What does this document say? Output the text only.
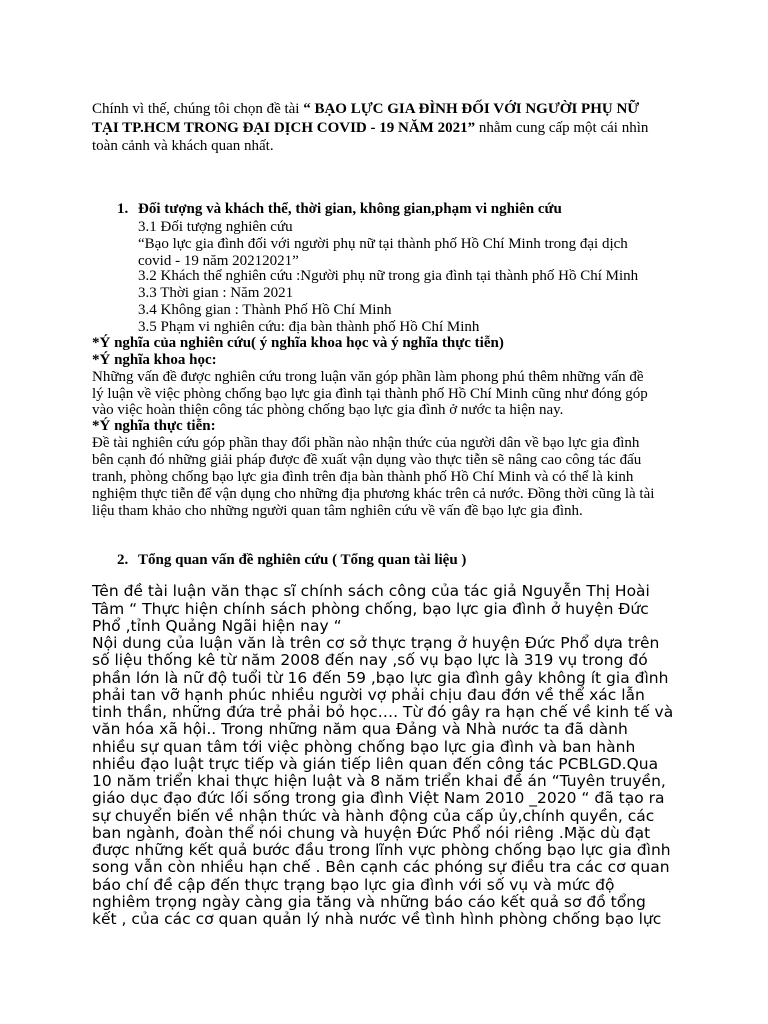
Chính vì thế, chúng tôi chọn đề tài “ BẠO LỰC GIA ĐÌNH ĐỐI VỚI NGƯỜI PHỤ NỮ
TẠI TP.HCM TRONG ĐẠI DỊCH COVID - 19 NĂM 2021” nhằm cung cấp một cái nhìn
toàn cảnh và khách quan nhất.
1. Đối tượng và khách thể, thời gian, không gian,phạm vi nghiên cứu
3.1 Đối tượng nghiên cứu
“Bạo lực gia đình đối với người phụ nữ tại thành phố Hồ Chí Minh trong đại dịch
covid - 19 năm 20212021”
3.2 Khách thể nghiên cứu :Người phụ nữ trong gia đình tại thành phố Hồ Chí Minh
3.3 Thời gian : Năm 2021
3.4 Không gian : Thành Phố Hồ Chí Minh
3.5 Phạm vi nghiên cứu: địa bàn thành phố Hồ Chí Minh
*Ý nghĩa của nghiên cứu( ý nghĩa khoa học và ý nghĩa thực tiễn)
*Ý nghĩa khoa học:
Những vấn đề được nghiên cứu trong luận văn góp phần làm phong phú thêm những vấn đề
lý luận về việc phòng chống bạo lực gia đình tại thành phố Hồ Chí Minh cũng như đóng góp
vào việc hoàn thiện công tác phòng chống bạo lực gia đình ở nước ta hiện nay.
*Ý nghĩa thực tiễn:
Đề tài nghiên cứu góp phần thay đổi phần nào nhận thức của người dân về bạo lực gia đình
bên cạnh đó những giải pháp được đề xuất vận dụng vào thực tiễn sẽ nâng cao công tác đấu
tranh, phòng chống bạo lực gia đình trên địa bàn thành phố Hồ Chí Minh và có thể là kinh
nghiệm thực tiễn để vận dụng cho những địa phương khác trên cả nước. Đồng thời cũng là tài
liệu tham khảo cho những người quan tâm nghiên cứu về vấn đề bạo lực gia đình.
2. Tổng quan vấn đề nghiên cứu ( Tổng quan tài liệu )
Tên đề tài luận văn thạc sĩ chính sách công của tác giả Nguyễn Thị Hoài
Tâm “ Thực hiện chính sách phòng chống, bạo lực gia đình ở huyện Đức
Phổ ,tỉnh Quảng Ngãi hiện nay “
Nội dung của luận văn là trên cơ sở thực trạng ở huyện Đức Phổ dựa trên
số liệu thống kê từ năm 2008 đến nay ,số vụ bạo lực là 319 vụ trong đó
phần lớn là nữ độ tuổi từ 16 đến 59 ,bạo lực gia đình gây không ít gia đình
phải tan vỡ hạnh phúc nhiều người vợ phải chịu đau đớn về thể xác lẫn
tinh thần, những đứa trẻ phải bỏ học…. Từ đó gây ra hạn chế về kinh tế và
văn hóa xã hội.. Trong những năm qua Đảng và Nhà nước ta đã dành
nhiều sự quan tâm tới việc phòng chống bạo lực gia đình và ban hành
nhiều đạo luật trực tiếp và gián tiếp liên quan đến công tác PCBLGD.Qua
10 năm triển khai thực hiện luật và 8 năm triển khai đề án “Tuyên truyền,
giáo dục đạo đức lối sống trong gia đình Việt Nam 2010 _2020 “ đã tạo ra
sự chuyển biến về nhận thức và hành động của cấp ủy,chính quyền, các
ban ngành, đoàn thể nói chung và huyện Đức Phổ nói riêng .Mặc dù đạt
được những kết quả bước đầu trong lĩnh vực phòng chống bạo lực gia đình
song vẫn còn nhiều hạn chế . Bên cạnh các phóng sự điều tra các cơ quan
báo chí đề cập đến thực trạng bạo lực gia đình với số vụ và mức độ
nghiêm trọng ngày càng gia tăng và những báo cáo kết quả sơ đồ tổng
kết , của các cơ quan quản lý nhà nước về tình hình phòng chống bạo lực
